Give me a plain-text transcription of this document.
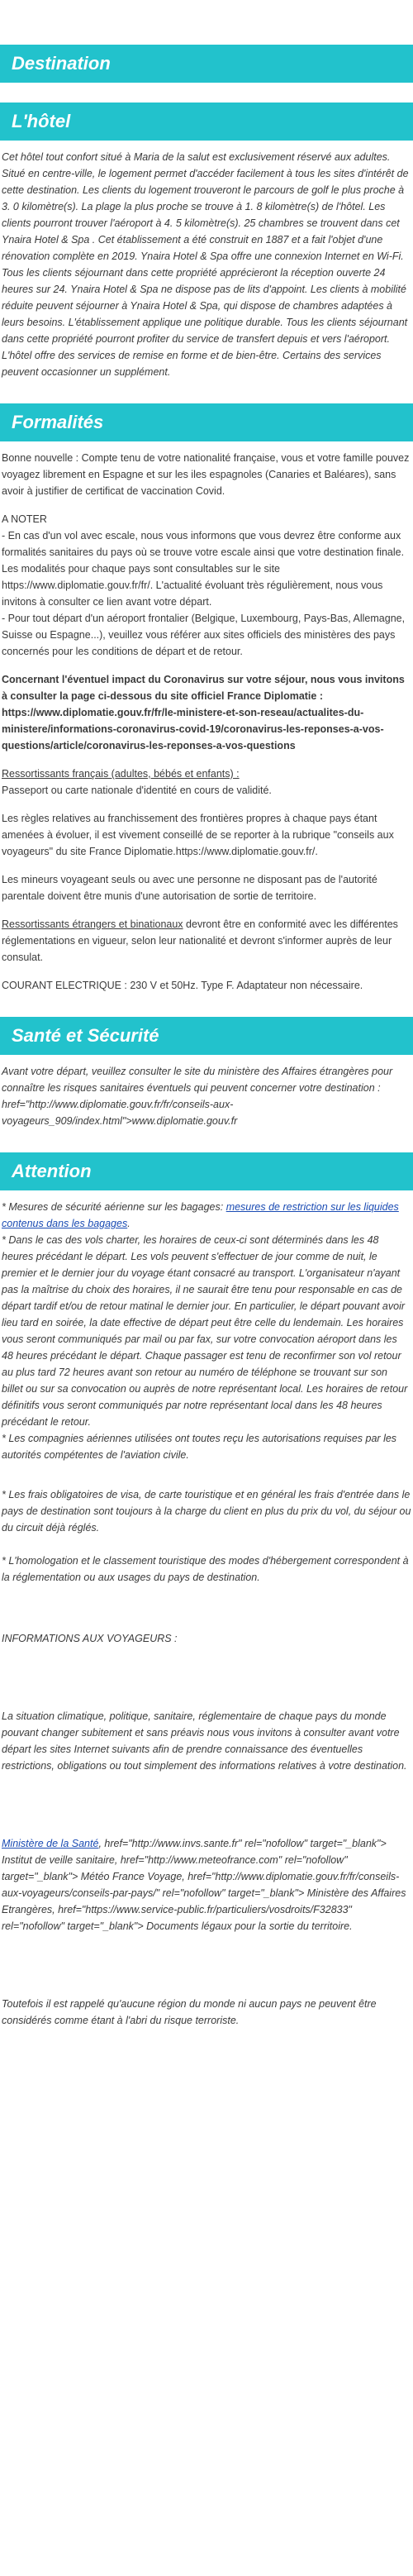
Destination
L'hôtel

Cet hôtel tout confort situé à Maria de la salut est exclusivement réservé aux adultes. Situé en centre-ville, le logement permet d'accéder facilement à tous les sites d'intérêt de cette destination. Les clients du logement trouveront le parcours de golf le plus proche à 3. 0 kilomètre(s). La plage la plus proche se trouve à 1. 8 kilomètre(s) de l'hôtel. Les clients pourront trouver l'aéroport à 4. 5 kilomètre(s). 25 chambres se trouvent dans cet Ynaira Hotel & Spa . Cet établissement a été construit en 1887 et a fait l'objet d'une rénovation complète en 2019. Ynaira Hotel & Spa offre une connexion Internet en Wi-Fi. Tous les clients séjournant dans cette propriété apprécieront la réception ouverte 24 heures sur 24. Ynaira Hotel & Spa ne dispose pas de lits d'appoint. Les clients à mobilité réduite peuvent séjourner à Ynaira Hotel & Spa, qui dispose de chambres adaptées à leurs besoins. L'établissement applique une politique durable. Tous les clients séjournant dans cette propriété pourront profiter du service de transfert depuis et vers l'aéroport. L'hôtel offre des services de remise en forme et de bien-être. Certains des services peuvent occasionner un supplément.

Formalités

Bonne nouvelle : Compte tenu de votre nationalité française, vous et votre famille pouvez voyagez librement en Espagne et sur les iles espagnoles (Canaries et Baléares), sans avoir à justifier de certificat de vaccination Covid.

A NOTER
- En cas d'un vol avec escale, nous vous informons que vous devrez être conforme aux formalités sanitaires du pays où se trouve votre escale ainsi que votre destination finale.
Les modalités pour chaque pays sont consultables sur le site https://www.diplomatie.gouv.fr/fr/. L'actualité évoluant très régulièrement, nous vous invitons à consulter ce lien avant votre départ.
- Pour tout départ d'un aéroport frontalier (Belgique, Luxembourg, Pays-Bas, Allemagne, Suisse ou Espagne...), veuillez vous référer aux sites officiels des ministères des pays concernés pour les conditions de départ et de retour.

Concernant l'éventuel impact du Coronavirus sur votre séjour, nous vous invitons à consulter la page ci-dessous du site officiel France Diplomatie : https://www.diplomatie.gouv.fr/fr/le-ministere-et-son-reseau/actualites-du-ministere/informations-coronavirus-covid-19/coronavirus-les-reponses-a-vos-questions/article/coronavirus-les-reponses-a-vos-questions

Ressortissants français (adultes, bébés et enfants) :
Passeport ou carte nationale d'identité en cours de validité.

Les règles relatives au franchissement des frontières propres à chaque pays étant amenées à évoluer, il est vivement conseillé de se reporter à la rubrique "conseils aux voyageurs" du site France Diplomatie.https://www.diplomatie.gouv.fr/.

Les mineurs voyageant seuls ou avec une personne ne disposant pas de l'autorité parentale doivent être munis d'une autorisation de sortie de territoire.

Ressortissants étrangers et binationaux devront être en conformité avec les différentes réglementations en vigueur, selon leur nationalité et devront s'informer auprès de leur consulat.

COURANT ELECTRIQUE : 230 V et 50Hz. Type F. Adaptateur non nécessaire.

Santé et Sécurité

Avant votre départ, veuillez consulter le site du ministère des Affaires étrangères pour connaître les risques sanitaires éventuels qui peuvent concerner votre destination : href="http://www.diplomatie.gouv.fr/fr/conseils-aux-voyageurs_909/index.html">www.diplomatie.gouv.fr

Attention

* Mesures de sécurité aérienne sur les bagages: mesures de restriction sur les liquides contenus dans les bagages.
* Dans le cas des vols charter, les horaires de ceux-ci sont déterminés dans les 48 heures précédant le départ. Les vols peuvent s'effectuer de jour comme de nuit, le premier et le dernier jour du voyage étant consacré au transport. L'organisateur n'ayant pas la maîtrise du choix des horaires, il ne saurait être tenu pour responsable en cas de départ tardif et/ou de retour matinal le dernier jour. En particulier, le départ pouvant avoir lieu tard en soirée, la date effective de départ peut être celle du lendemain. Les horaires vous seront communiqués par mail ou par fax, sur votre convocation aéroport dans les 48 heures précédant le départ. Chaque passager est tenu de reconfirmer son vol retour au plus tard 72 heures avant son retour au numéro de téléphone se trouvant sur son billet ou sur sa convocation ou auprès de notre représentant local. Les horaires de retour définitifs vous seront communiqués par notre représentant local dans les 48 heures précédant le retour.
* Les compagnies aériennes utilisées ont toutes reçu les autorisations requises par les autorités compétentes de l'aviation civile.

* Les frais obligatoires de visa, de carte touristique et en général les frais d'entrée dans le pays de destination sont toujours à la charge du client en plus du prix du vol, du séjour ou du circuit déjà réglés.

* L'homologation et le classement touristique des modes d'hébergement correspondent à la réglementation ou aux usages du pays de destination.

INFORMATIONS AUX VOYAGEURS :

La situation climatique, politique, sanitaire, réglementaire de chaque pays du monde pouvant changer subitement et sans préavis nous vous invitons à consulter avant votre départ les sites Internet suivants afin de prendre connaissance des éventuelles restrictions, obligations ou tout simplement des informations relatives à votre destination.

Ministère de la Santé, href="http://www.invs.sante.fr" rel="nofollow" target="_blank"> Institut de veille sanitaire, href="http://www.meteofrance.com" rel="nofollow" target="_blank"> Météo France Voyage, href="http://www.diplomatie.gouv.fr/fr/conseils-aux-voyageurs/conseils-par-pays/" rel="nofollow" target="_blank"> Ministère des Affaires Etrangères, href="https://www.service-public.fr/particuliers/vosdroits/F32833" rel="nofollow" target="_blank"> Documents légaux pour la sortie du territoire.

Toutefois il est rappelé qu'aucune région du monde ni aucun pays ne peuvent être considérés comme étant à l'abri du risque terroriste.
